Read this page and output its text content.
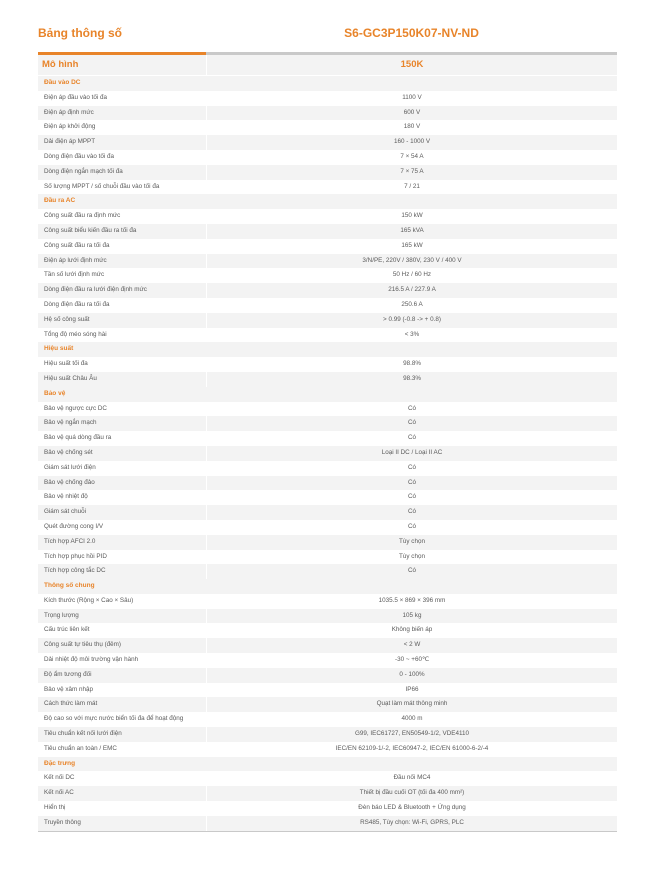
Bảng thông số	S6-GC3P150K07-NV-ND
Mô hình	150K
Đầu vào DC
Điện áp đầu vào tối đa	1100 V
Điện áp định mức	600 V
Điện áp khởi động	180 V
Dải điện áp MPPT	160 - 1000 V
Dòng điện đầu vào tối đa	7 × 54 A
Dòng điện ngắn mạch tối đa	7 × 75 A
Số lượng MPPT / số chuỗi đầu vào tối đa	7 / 21
Đầu ra AC
Công suất đầu ra định mức	150 kW
Công suất biểu kiến đầu ra tối đa	165 kVA
Công suất đầu ra tối đa	165 kW
Điện áp lưới định mức	3/N/PE, 220V / 380V, 230 V / 400 V
Tần số lưới định mức	50 Hz / 60 Hz
Dòng điện đầu ra lưới điện định mức	216.5 A / 227.9 A
Dòng điện đầu ra tối đa	250.6 A
Hệ số công suất	> 0.99 (-0.8 -> + 0.8)
Tổng độ méo sóng hài	< 3%
Hiệu suất
Hiệu suất tối đa	98.8%
Hiệu suất Châu Âu	98.3%
Bảo vệ
Bảo vệ ngược cực DC	Có
Bảo vệ ngắn mạch	Có
Bảo vệ quá dòng đầu ra	Có
Bảo vệ chống sét	Loại II DC / Loại II AC
Giám sát lưới điện	Có
Bảo vệ chống đảo	Có
Bảo vệ nhiệt độ	Có
Giám sát chuỗi	Có
Quét đường cong I/V	Có
Tích hợp AFCI 2.0	Tùy chọn
Tích hợp phục hồi PID	Tùy chọn
Tích hợp công tắc DC	Có
Thông số chung
Kích thước (Rộng × Cao × Sâu)	1035.5 × 869 × 396 mm
Trọng lượng	105 kg
Cấu trúc liên kết	Không biến áp
Công suất tự tiêu thụ (đêm)	< 2 W
Dải nhiệt độ môi trường vận hành	-30 ~ +60℃
Độ ẩm tương đối	0 - 100%
Bảo vệ xâm nhập	IP66
Cách thức làm mát	Quạt làm mát thông minh
Độ cao so với mực nước biển tối đa để hoạt động	4000 m
Tiêu chuẩn kết nối lưới điện	G99, IEC61727, EN50549-1/2, VDE4110
Tiêu chuẩn an toàn / EMC	IEC/EN 62109-1/-2, IEC60947-2, IEC/EN 61000-6-2/-4
Đặc trưng
Kết nối DC	Đầu nối MC4
Kết nối AC	Thiết bị đầu cuối OT (tối đa 400 mm²)
Hiển thị	Đèn báo LED & Bluetooth + Ứng dụng
Truyền thông	RS485, Tùy chọn: Wi-Fi, GPRS, PLC
